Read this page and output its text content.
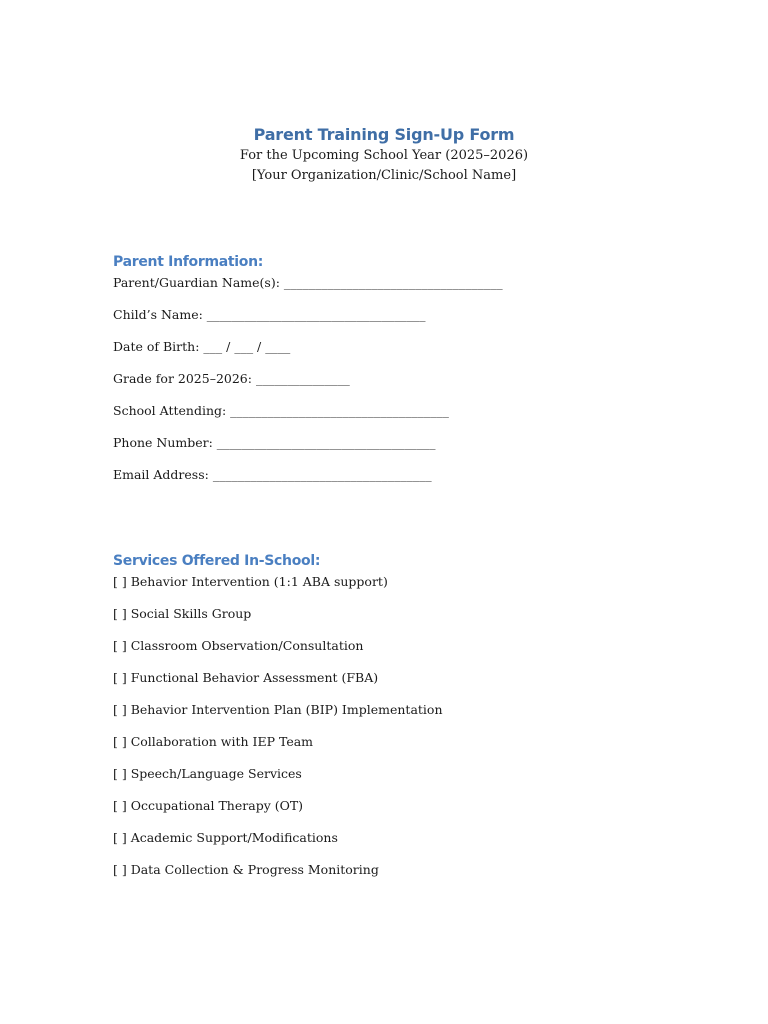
Parent Training Sign-Up Form

For the Upcoming School Year (2025–2026)

[Your Organization/Clinic/School Name]

Parent Information:

Parent/Guardian Name(s): ___________________________________

Child’s Name: ___________________________________

Date of Birth: ___ / ___ / ____

Grade for 2025–2026: _______________

School Attending: ___________________________________

Phone Number: ___________________________________

Email Address: ___________________________________

Services Offered In-School:

[ ] Behavior Intervention (1:1 ABA support)

[ ] Social Skills Group

[ ] Classroom Observation/Consultation

[ ] Functional Behavior Assessment (FBA)

[ ] Behavior Intervention Plan (BIP) Implementation

[ ] Collaboration with IEP Team

[ ] Speech/Language Services

[ ] Occupational Therapy (OT)

[ ] Academic Support/Modifications

[ ] Data Collection & Progress Monitoring
